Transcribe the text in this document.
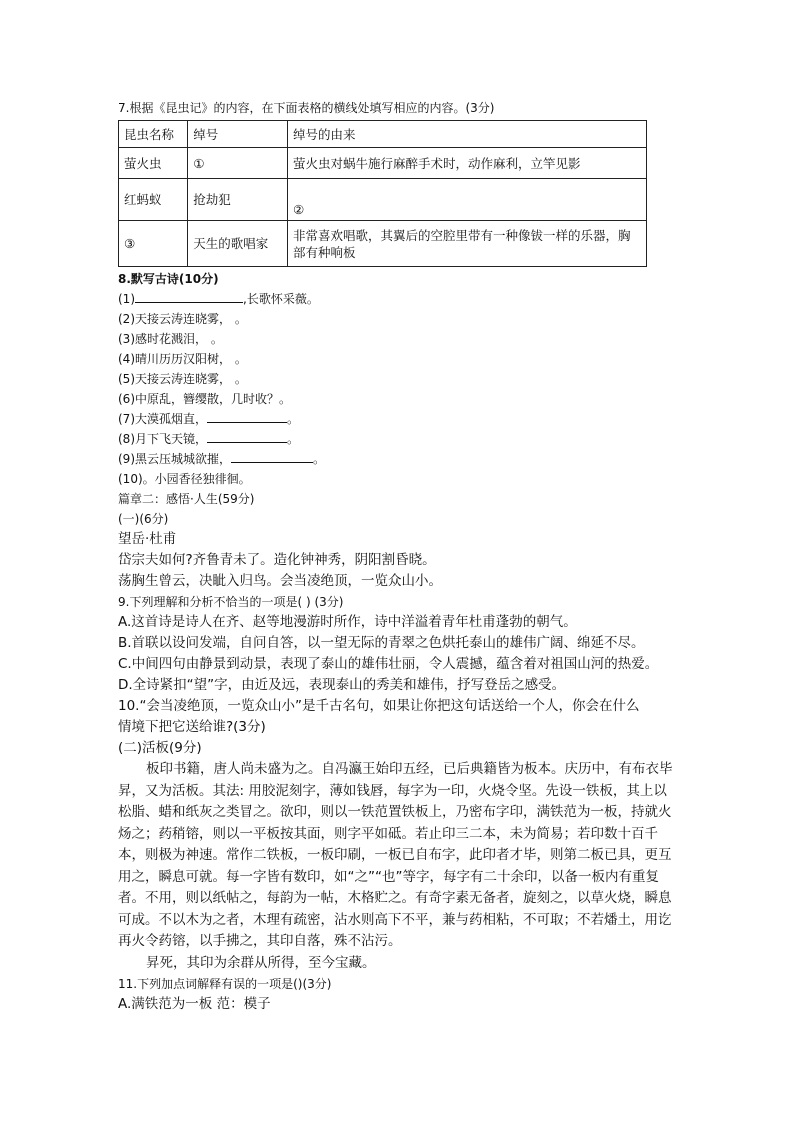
7.根据《昆虫记》的内容，在下面表格的横线处填写相应的内容。(3分)
昆虫名称	绰号	绰号的由来
萤火虫	①	萤火虫对蜗牛施行麻醉手术时，动作麻利，立竿见影
红蚂蚁	抢劫犯	②
③	天生的歌唱家	非常喜欢唱歌，其翼后的空腔里带有一种像钹一样的乐器，胸部有种响板
8.默写古诗(10分)
(1)	,长歌怀采薇。
(2)天接云涛连晓雾， 。
(3)感时花溅泪， 。
(4)晴川历历汉阳树， 。
(5)天接云涛连晓雾， 。
(6)中原乱，簪缨散，几时收？。
(7)大漠孤烟直，	。
(8)月下飞天镜，	。
(9)黑云压城城欲摧，	。
(10)。小园香径独徘徊。
篇章二：感悟·人生(59分)
(一)(6分)
望岳·杜甫
岱宗夫如何?齐鲁青未了。造化钟神秀，阴阳割昏晓。
荡胸生曾云，决眦入归鸟。会当凌绝顶，一览众山小。
9.下列理解和分析不恰当的一项是( ) (3分)
A.这首诗是诗人在齐、赵等地漫游时所作，诗中洋溢着青年杜甫蓬勃的朝气。
B.首联以设问发端，自问自答，以一望无际的青翠之色烘托泰山的雄伟广阔、绵延不尽。
C.中间四句由静景到动景，表现了泰山的雄伟壮丽，令人震撼，蕴含着对祖国山河的热爱。
D.全诗紧扣“望”字，由近及远，表现泰山的秀美和雄伟，抒写登岳之感受。
10.“会当凌绝顶，一览众山小”是千古名句，如果让你把这句话送给一个人，你会在什么
情境下把它送给谁?(3分)
(二)活板(9分)
板印书籍，唐人尚未盛为之。自冯瀛王始印五经，已后典籍皆为板本。庆历中，有布衣毕昇，又为活板。其法: 用胶泥刻字，薄如钱唇，每字为一印，火烧令坚。先设一铁板，其上以松脂、蜡和纸灰之类冒之。欲印，则以一铁范置铁板上，乃密布字印，满铁范为一板，持就火炀之；药稍镕，则以一平板按其面，则字平如砥。若止印三二本，未为简易；若印数十百千本，则极为神速。常作二铁板，一板印刷，一板已自布字，此印者才毕，则第二板已具，更互用之，瞬息可就。每一字皆有数印，如“之”“也”等字，每字有二十余印，以备一板内有重复者。不用，则以纸帖之，每韵为一帖，木格贮之。有奇字素无备者，旋刻之，以草火烧，瞬息可成。不以木为之者，木理有疏密，沾水则高下不平，兼与药相粘，不可取；不若燔土，用讫再火令药镕，以手拂之，其印自落，殊不沾污。
昇死，其印为余群从所得，至今宝藏。
11.下列加点词解释有误的一项是()(3分)
A.满铁范为一板 范：模子
